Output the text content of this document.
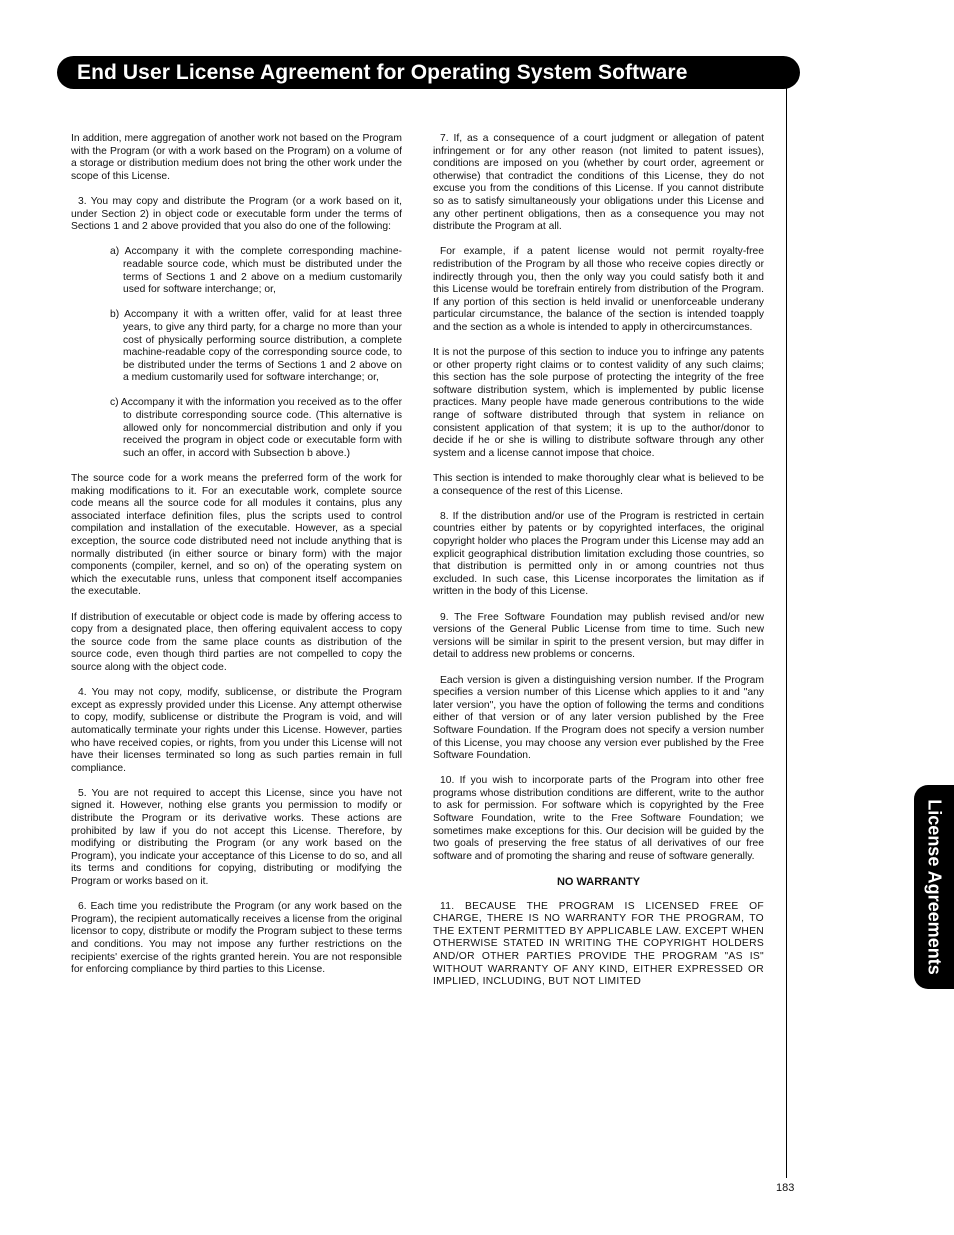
End User License Agreement for Operating System Software

In addition, mere aggregation of another work not based on the Program with the Program (or with a work based on the Program) on a volume of a storage or distribution medium does not bring the other work under the scope of this License.

3. You may copy and distribute the Program (or a work based on it, under Section 2) in object code or executable form under the terms of Sections 1 and 2 above provided that you also do one of the following:

a) Accompany it with the complete corresponding machine-readable source code, which must be distributed under the terms of Sections 1 and 2 above on a medium customarily used for software interchange; or,

b) Accompany it with a written offer, valid for at least three years, to give any third party, for a charge no more than your cost of physically performing source distribution, a complete machine-readable copy of the corresponding source code, to be distributed under the terms of Sections 1 and 2 above on a medium customarily used for software interchange; or,

c) Accompany it with the information you received as to the offer to distribute corresponding source code. (This alternative is allowed only for noncommercial distribution and only if you received the program in object code or executable form with such an offer, in accord with Subsection b above.)

The source code for a work means the preferred form of the work for making modifications to it. For an executable work, complete source code means all the source code for all modules it contains, plus any associated interface definition files, plus the scripts used to control compilation and installation of the executable. However, as a special exception, the source code distributed need not include anything that is normally distributed (in either source or binary form) with the major components (compiler, kernel, and so on) of the operating system on which the executable runs, unless that component itself accompanies the executable.

If distribution of executable or object code is made by offering access to copy from a designated place, then offering equivalent access to copy the source code from the same place counts as distribution of the source code, even though third parties are not compelled to copy the source along with the object code.

4. You may not copy, modify, sublicense, or distribute the Program except as expressly provided under this License. Any attempt otherwise to copy, modify, sublicense or distribute the Program is void, and will automatically terminate your rights under this License. However, parties who have received copies, or rights, from you under this License will not have their licenses terminated so long as such parties remain in full compliance.

5. You are not required to accept this License, since you have not signed it. However, nothing else grants you permission to modify or distribute the Program or its derivative works. These actions are prohibited by law if you do not accept this License. Therefore, by modifying or distributing the Program (or any work based on the Program), you indicate your acceptance of this License to do so, and all its terms and conditions for copying, distributing or modifying the Program or works based on it.

6. Each time you redistribute the Program (or any work based on the Program), the recipient automatically receives a license from the original licensor to copy, distribute or modify the Program subject to these terms and conditions. You may not impose any further restrictions on the recipients' exercise of the rights granted herein. You are not responsible for enforcing compliance by third parties to this License.

7. If, as a consequence of a court judgment or allegation of patent infringement or for any other reason (not limited to patent issues), conditions are imposed on you (whether by court order, agreement or otherwise) that contradict the conditions of this License, they do not excuse you from the conditions of this License. If you cannot distribute so as to satisfy simultaneously your obligations under this License and any other pertinent obligations, then as a consequence you may not distribute the Program at all.

For example, if a patent license would not permit royalty-free redistribution of the Program by all those who receive copies directly or indirectly through you, then the only way you could satisfy both it and this License would be torefrain entirely from distribution of the Program. If any portion of this section is held invalid or unenforceable underany particular circumstance, the balance of the section is intended toapply and the section as a whole is intended to apply in othercircumstances.

It is not the purpose of this section to induce you to infringe any patents or other property right claims or to contest validity of any such claims; this section has the sole purpose of protecting the integrity of the free software distribution system, which is implemented by public license practices. Many people have made generous contributions to the wide range of software distributed through that system in reliance on consistent application of that system; it is up to the author/donor to decide if he or she is willing to distribute software through any other system and a license cannot impose that choice.

This section is intended to make thoroughly clear what is believed to be a consequence of the rest of this License.

8. If the distribution and/or use of the Program is restricted in certain countries either by patents or by copyrighted interfaces, the original copyright holder who places the Program under this License may add an explicit geographical distribution limitation excluding those countries, so that distribution is permitted only in or among countries not thus excluded. In such case, this License incorporates the limitation as if written in the body of this License.

9. The Free Software Foundation may publish revised and/or new versions of the General Public License from time to time. Such new versions will be similar in spirit to the present version, but may differ in detail to address new problems or concerns.

Each version is given a distinguishing version number. If the Program specifies a version number of this License which applies to it and "any later version", you have the option of following the terms and conditions either of that version or of any later version published by the Free Software Foundation. If the Program does not specify a version number of this License, you may choose any version ever published by the Free Software Foundation.

10. If you wish to incorporate parts of the Program into other free programs whose distribution conditions are different, write to the author to ask for permission. For software which is copyrighted by the Free Software Foundation, write to the Free Software Foundation; we sometimes make exceptions for this. Our decision will be guided by the two goals of preserving the free status of all derivatives of our free software and of promoting the sharing and reuse of software generally.

NO WARRANTY

11. BECAUSE THE PROGRAM IS LICENSED FREE OF CHARGE, THERE IS NO WARRANTY FOR THE PROGRAM, TO THE EXTENT PERMITTED BY APPLICABLE LAW. EXCEPT WHEN OTHERWISE STATED IN WRITING THE COPYRIGHT HOLDERS AND/OR OTHER PARTIES PROVIDE THE PROGRAM "AS IS" WITHOUT WARRANTY OF ANY KIND, EITHER EXPRESSED OR IMPLIED, INCLUDING, BUT NOT LIMITED

License Agreements
183
